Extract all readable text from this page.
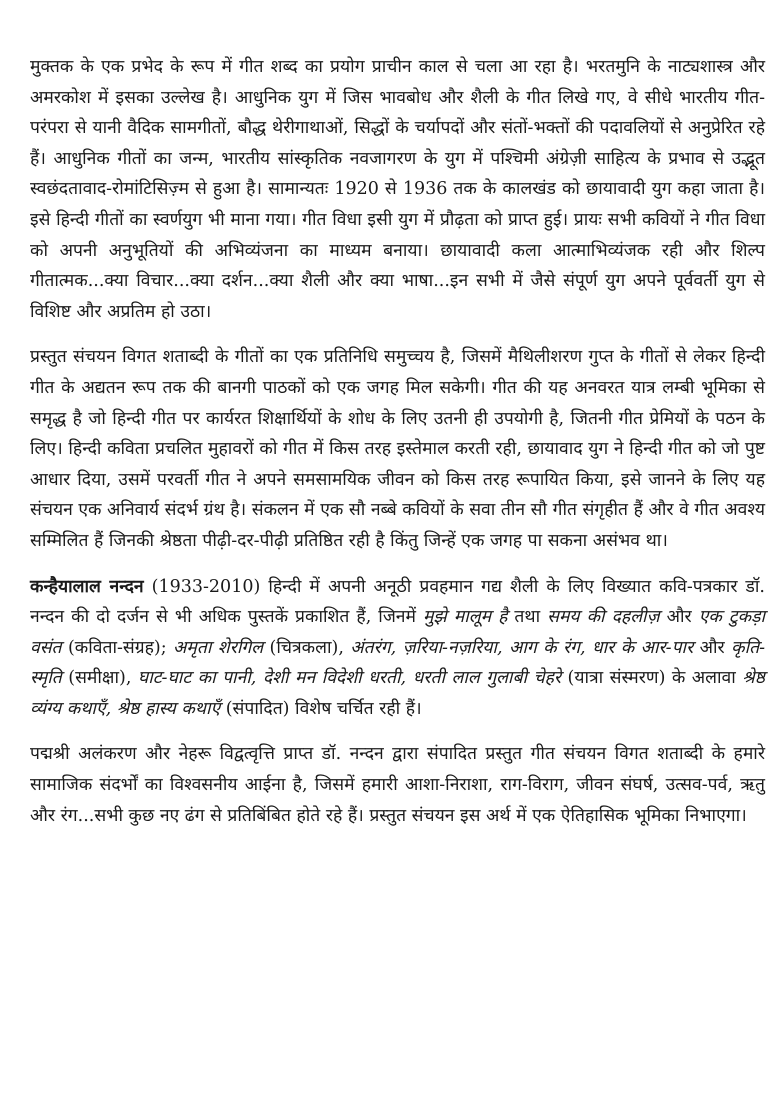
मुक्तक के एक प्रभेद के रूप में गीत शब्द का प्रयोग प्राचीन काल से चला आ रहा है। भरतमुनि के नाट्यशास्त्र और अमरकोश में इसका उल्लेख है। आधुनिक युग में जिस भावबोध और शैली के गीत लिखे गए, वे सीधे भारतीय गीत-परंपरा से यानी वैदिक सामगीतों, बौद्ध थेरीगाथाओं, सिद्धों के चर्यापदों और संतों-भक्तों की पदावलियों से अनुप्रेरित रहे हैं। आधुनिक गीतों का जन्म, भारतीय सांस्कृतिक नवजागरण के युग में पश्चिमी अंग्रेज़ी साहित्य के प्रभाव से उद्भूत स्वछंदतावाद-रोमांटिसिज़्म से हुआ है। सामान्यतः 1920 से 1936 तक के कालखंड को छायावादी युग कहा जाता है। इसे हिन्दी गीतों का स्वर्णयुग भी माना गया। गीत विधा इसी युग में प्रौढ़ता को प्राप्त हुई। प्रायः सभी कवियों ने गीत विधा को अपनी अनुभूतियों की अभिव्यंजना का माध्यम बनाया। छायावादी कला आत्माभिव्यंजक रही और शिल्प गीतात्मक...क्या विचार...क्या दर्शन...क्या शैली और क्या भाषा...इन सभी में जैसे संपूर्ण युग अपने पूर्ववर्ती युग से विशिष्ट और अप्रतिम हो उठा।

प्रस्तुत संचयन विगत शताब्दी के गीतों का एक प्रतिनिधि समुच्चय है, जिसमें मैथिलीशरण गुप्त के गीतों से लेकर हिन्दी गीत के अद्यतन रूप तक की बानगी पाठकों को एक जगह मिल सकेगी। गीत की यह अनवरत यात्र लम्बी भूमिका से समृद्ध है जो हिन्दी गीत पर कार्यरत शिक्षार्थियों के शोध के लिए उतनी ही उपयोगी है, जितनी गीत प्रेमियों के पठन के लिए। हिन्दी कविता प्रचलित मुहावरों को गीत में किस तरह इस्तेमाल करती रही, छायावाद युग ने हिन्दी गीत को जो पुष्ट आधार दिया, उसमें परवर्ती गीत ने अपने समसामयिक जीवन को किस तरह रूपायित किया, इसे जानने के लिए यह संचयन एक अनिवार्य संदर्भ ग्रंथ है। संकलन में एक सौ नब्बे कवियों के सवा तीन सौ गीत संगृहीत हैं और वे गीत अवश्य सम्मिलित हैं जिनकी श्रेष्ठता पीढ़ी-दर-पीढ़ी प्रतिष्ठित रही है किंतु जिन्हें एक जगह पा सकना असंभव था।

कन्हैयालाल नन्दन (1933-2010) हिन्दी में अपनी अनूठी प्रवहमान गद्य शैली के लिए विख्यात कवि-पत्रकार डॉ. नन्दन की दो दर्जन से भी अधिक पुस्तकें प्रकाशित हैं, जिनमें मुझे मालूम है तथा समय की दहलीज़ और एक टुकड़ा वसंत (कविता-संग्रह); अमृता शेरगिल (चित्रकला), अंतरंग, ज़रिया-नज़रिया, आग के रंग, धार के आर-पार और कृति-स्मृति (समीक्षा), घाट-घाट का पानी, देशी मन विदेशी धरती, धरती लाल गुलाबी चेहरे (यात्रा संस्मरण) के अलावा श्रेष्ठ व्यंग्य कथाएँ, श्रेष्ठ हास्य कथाएँ (संपादित) विशेष चर्चित रही हैं।

पद्मश्री अलंकरण और नेहरू विद्वत्वृत्ति प्राप्त डॉ. नन्दन द्वारा संपादित प्रस्तुत गीत संचयन विगत शताब्दी के हमारे सामाजिक संदर्भों का विश्वसनीय आईना है, जिसमें हमारी आशा-निराशा, राग-विराग, जीवन संघर्ष, उत्सव-पर्व, ऋतु और रंग...सभी कुछ नए ढंग से प्रतिबिंबित होते रहे हैं। प्रस्तुत संचयन इस अर्थ में एक ऐतिहासिक भूमिका निभाएगा।
